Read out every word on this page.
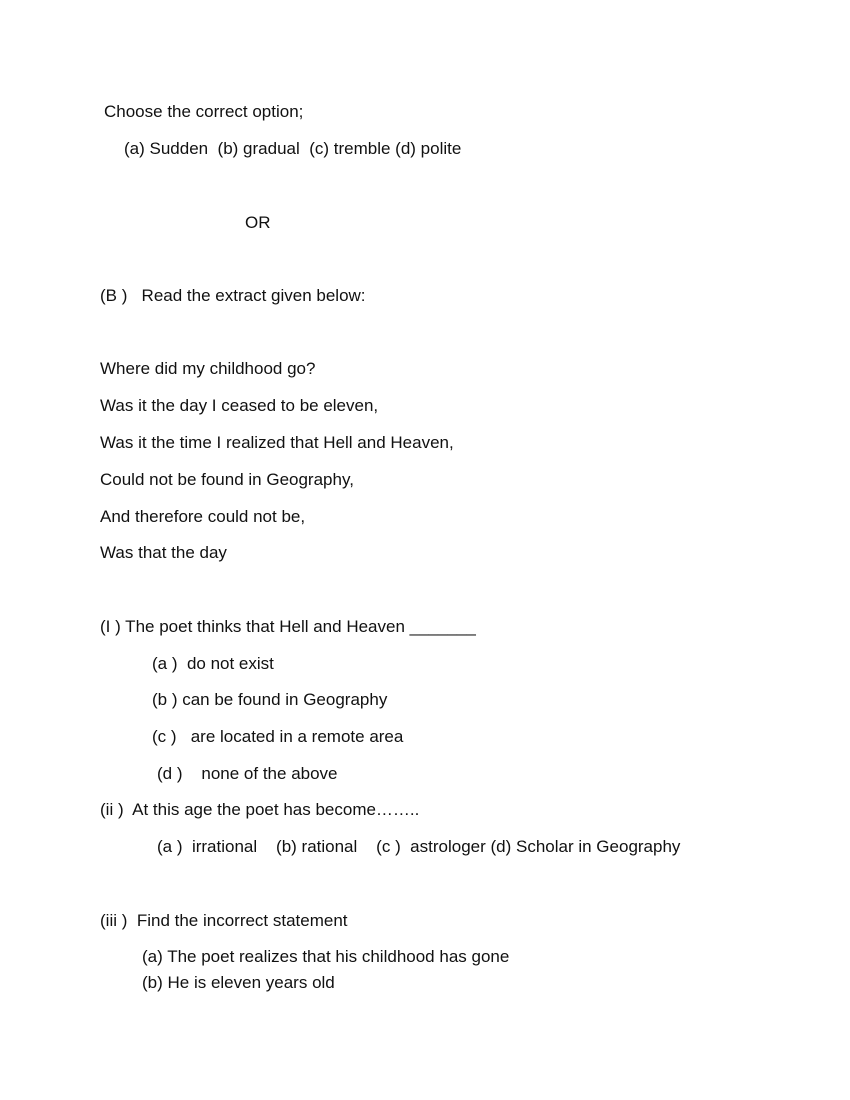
Choose the correct option;
(a) Sudden  (b) gradual  (c) tremble (d) polite
OR
(B )   Read the extract given below:
Where did my childhood go?
Was it the day I ceased to be eleven,
Was it the time I realized that Hell and Heaven,
Could not be found in Geography,
And therefore could not be,
Was that the day
(I ) The poet thinks that Hell and Heaven _______
(a )  do not exist
(b ) can be found in Geography
(c )   are located in a remote area
(d )    none of the above
(ii )  At this age the poet has become……..
(a )  irrational    (b) rational    (c )  astrologer (d) Scholar in Geography
(iii )  Find the incorrect statement
(a) The poet realizes that his childhood has gone
(b) He is eleven years old
